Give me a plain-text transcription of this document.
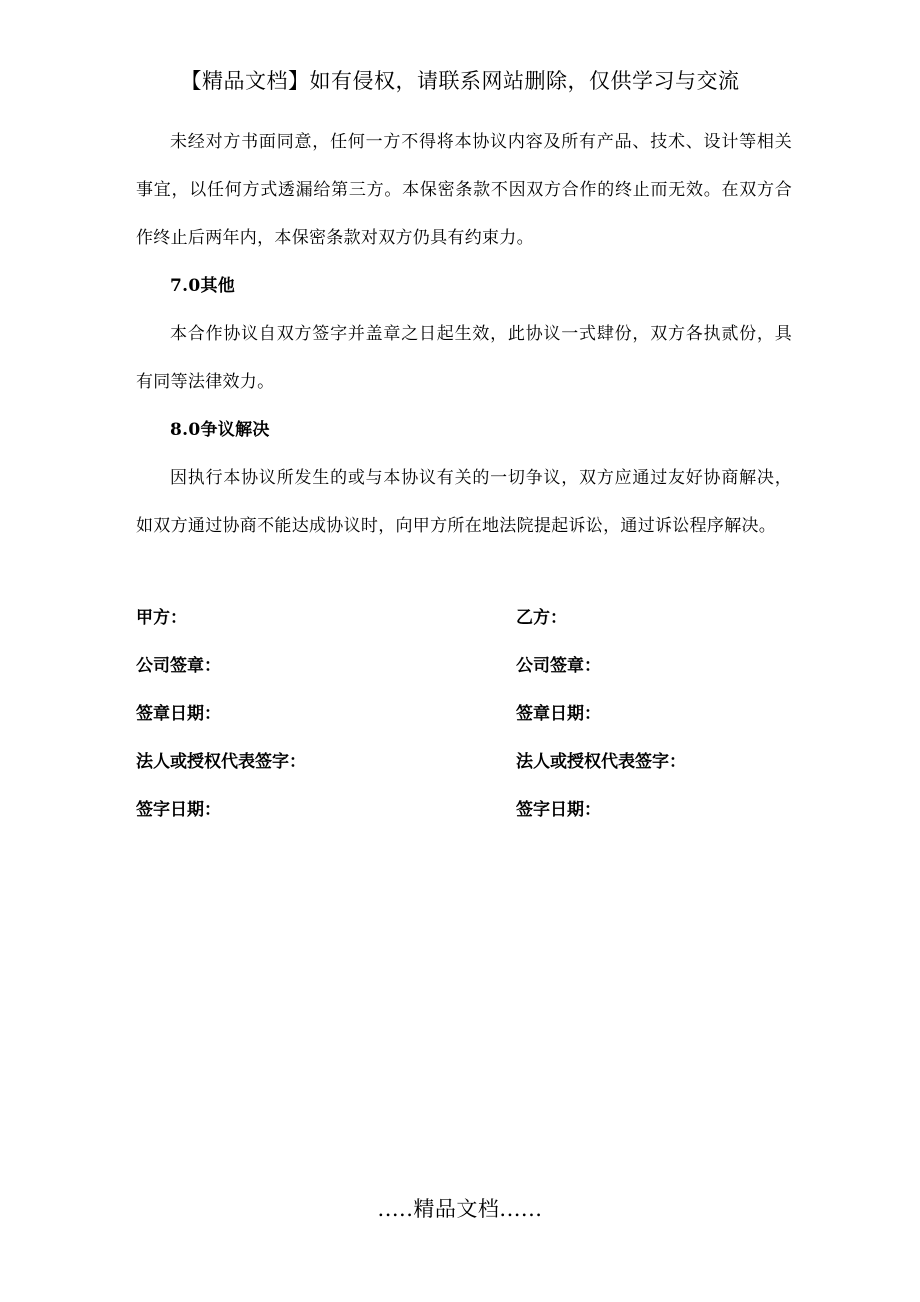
【精品文档】如有侵权，请联系网站删除，仅供学习与交流

未经对方书面同意，任何一方不得将本协议内容及所有产品、技术、设计等相关事宜，以任何方式透漏给第三方。本保密条款不因双方合作的终止而无效。在双方合作终止后两年内，本保密条款对双方仍具有约束力。

7.0其他

本合作协议自双方签字并盖章之日起生效，此协议一式肆份，双方各执贰份，具有同等法律效力。

8.0争议解决

因执行本协议所发生的或与本协议有关的一切争议，双方应通过友好协商解决，如双方通过协商不能达成协议时，向甲方所在地法院提起诉讼，通过诉讼程序解决。

甲方：	乙方：
公司签章：	公司签章：
签章日期：	签章日期：
法人或授权代表签字：	法人或授权代表签字：
签字日期：	签字日期：
.....精品文档......
